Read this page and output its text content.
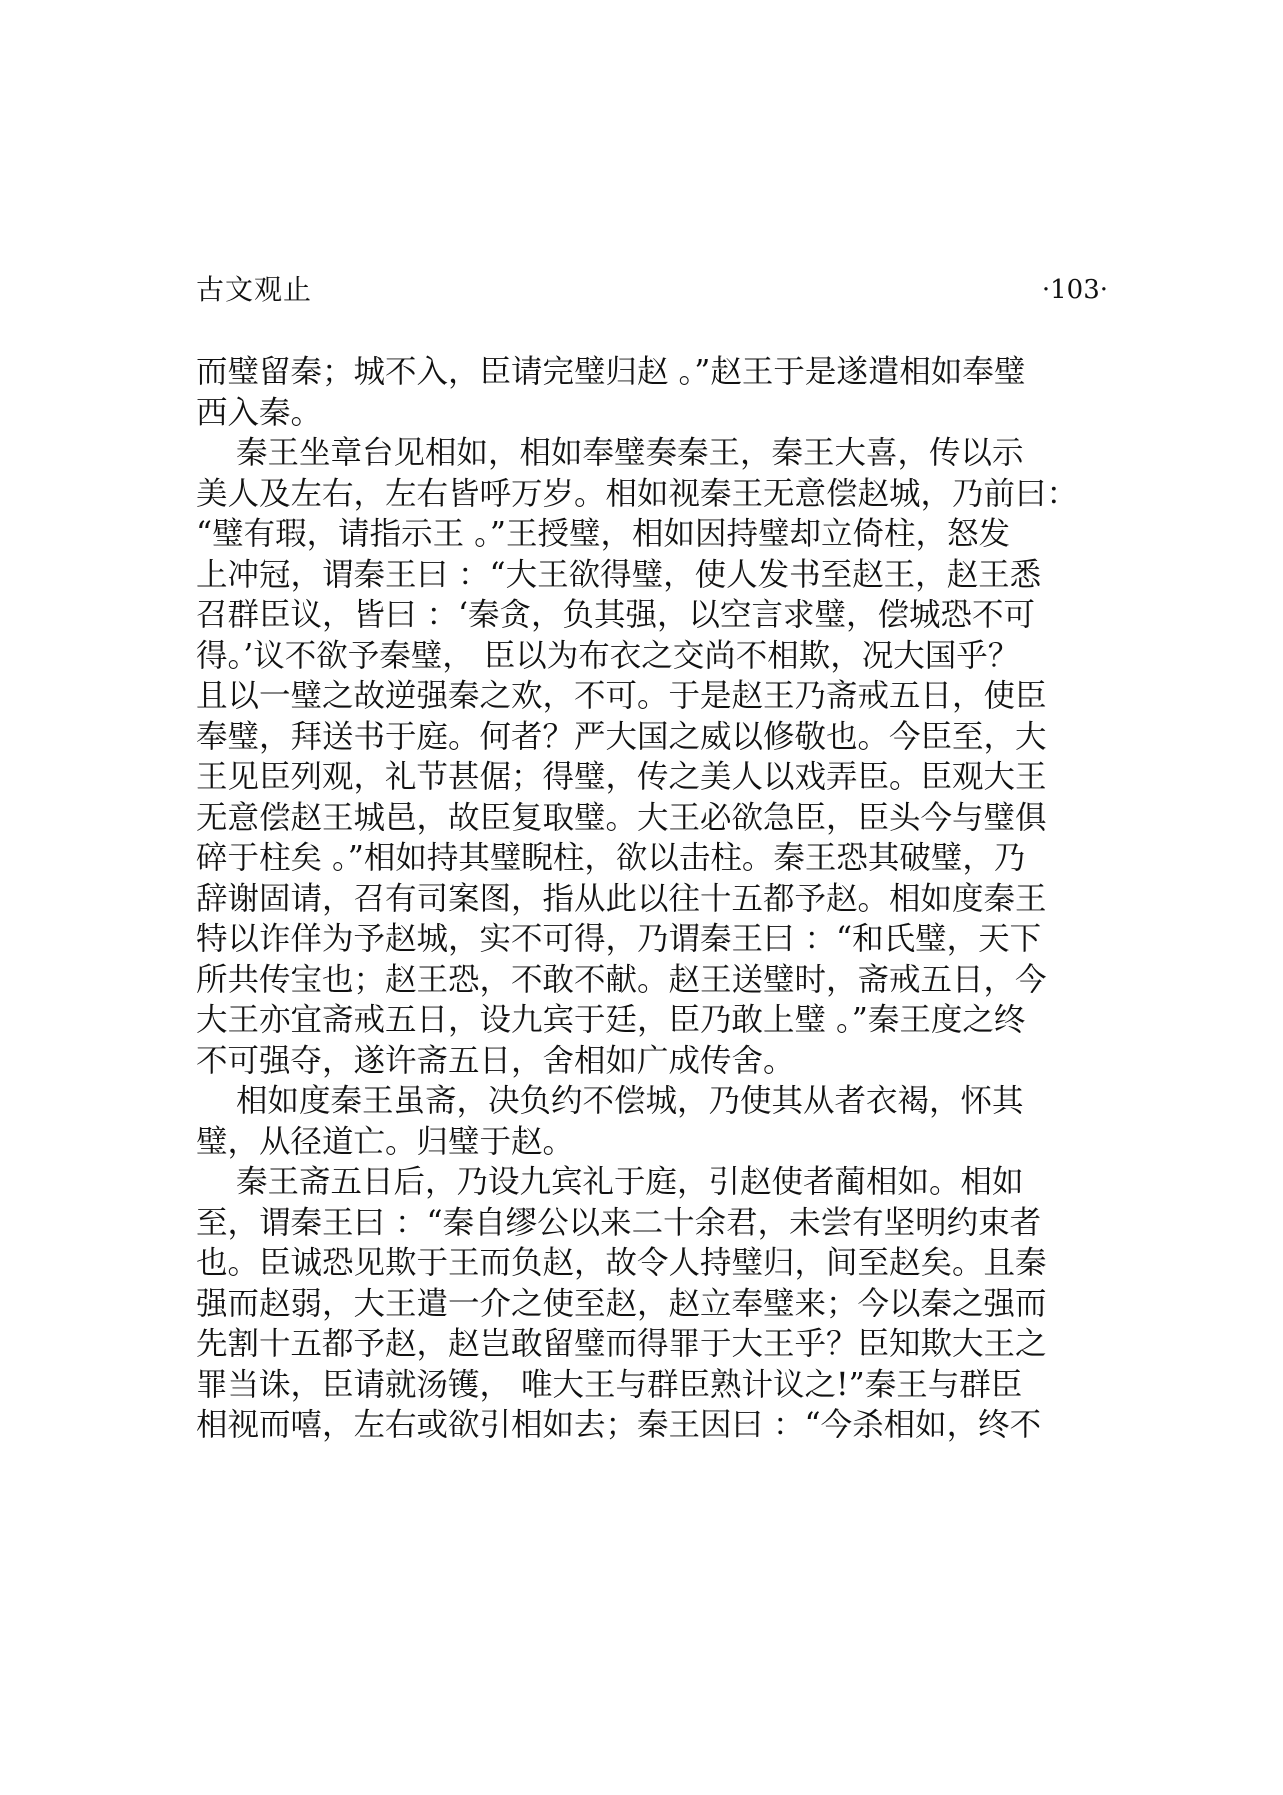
古文观止	·103·
而璧留秦；城不入，臣请完璧归赵 。”赵王于是遂遣相如奉璧
西入秦。
秦王坐章台见相如，相如奉璧奏秦王，秦王大喜，传以示
美人及左右，左右皆呼万岁。相如视秦王无意偿赵城，乃前曰：
“璧有瑕，请指示王 。”王授璧，相如因持璧却立倚柱，怒发
上冲冠，谓秦王曰 ：“大王欲得璧，使人发书至赵王，赵王悉
召群臣议，皆曰 ：‘秦贪，负其强，以空言求璧，偿城恐不可
得。’议不欲予秦璧， 臣以为布衣之交尚不相欺，况大国乎？
且以一璧之故逆强秦之欢，不可。于是赵王乃斋戒五日，使臣
奉璧，拜送书于庭。何者？严大国之威以修敬也。今臣至，大
王见臣列观，礼节甚倨；得璧，传之美人以戏弄臣。臣观大王
无意偿赵王城邑，故臣复取璧。大王必欲急臣，臣头今与璧俱
碎于柱矣 。”相如持其璧睨柱，欲以击柱。秦王恐其破璧，乃
辞谢固请，召有司案图，指从此以往十五都予赵。相如度秦王
特以诈佯为予赵城，实不可得，乃谓秦王曰 ：“和氏璧，天下
所共传宝也；赵王恐，不敢不献。赵王送璧时，斋戒五日，今
大王亦宜斋戒五日，设九宾于廷，臣乃敢上璧 。”秦王度之终
不可强夺，遂许斋五日，舍相如广成传舍。
相如度秦王虽斋，决负约不偿城，乃使其从者衣褐，怀其
璧，从径道亡。归璧于赵。
秦王斋五日后，乃设九宾礼于庭，引赵使者蔺相如。相如
至，谓秦王曰 ：“秦自缪公以来二十余君，未尝有坚明约束者
也。臣诚恐见欺于王而负赵，故令人持璧归，间至赵矣。且秦
强而赵弱，大王遣一介之使至赵，赵立奉璧来；今以秦之强而
先割十五都予赵，赵岂敢留璧而得罪于大王乎？臣知欺大王之
罪当诛，臣请就汤镬， 唯大王与群臣熟计议之!”秦王与群臣
相视而嘻，左右或欲引相如去；秦王因曰 ：“今杀相如，终不
